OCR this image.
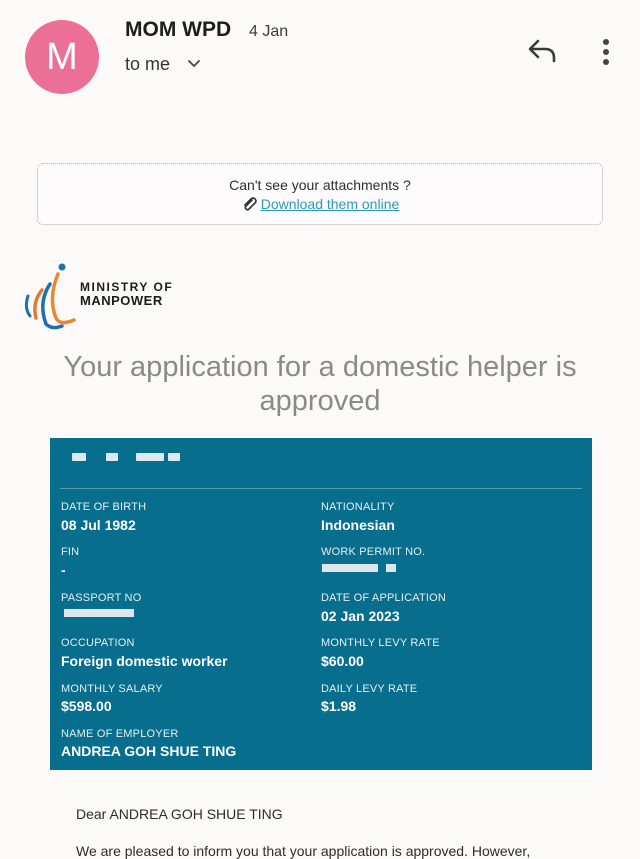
M
MOM WPD 4 Jan
to me
Can't see your attachments ?
Download them online
MINISTRY OF
MANPOWER
Your application for a domestic helper is approved
DATE OF BIRTH
08 Jul 1982
NATIONALITY
Indonesian
FIN
-
WORK PERMIT NO.
PASSPORT NO	DATE OF APPLICATION
02 Jan 2023
OCCUPATION
Foreign domestic worker
MONTHLY LEVY RATE
$60.00
MONTHLY SALARY
$598.00
DAILY LEVY RATE
$1.98
NAME OF EMPLOYER
ANDREA GOH SHUE TING
Dear ANDREA GOH SHUE TING
We are pleased to inform you that your application is approved. However,
